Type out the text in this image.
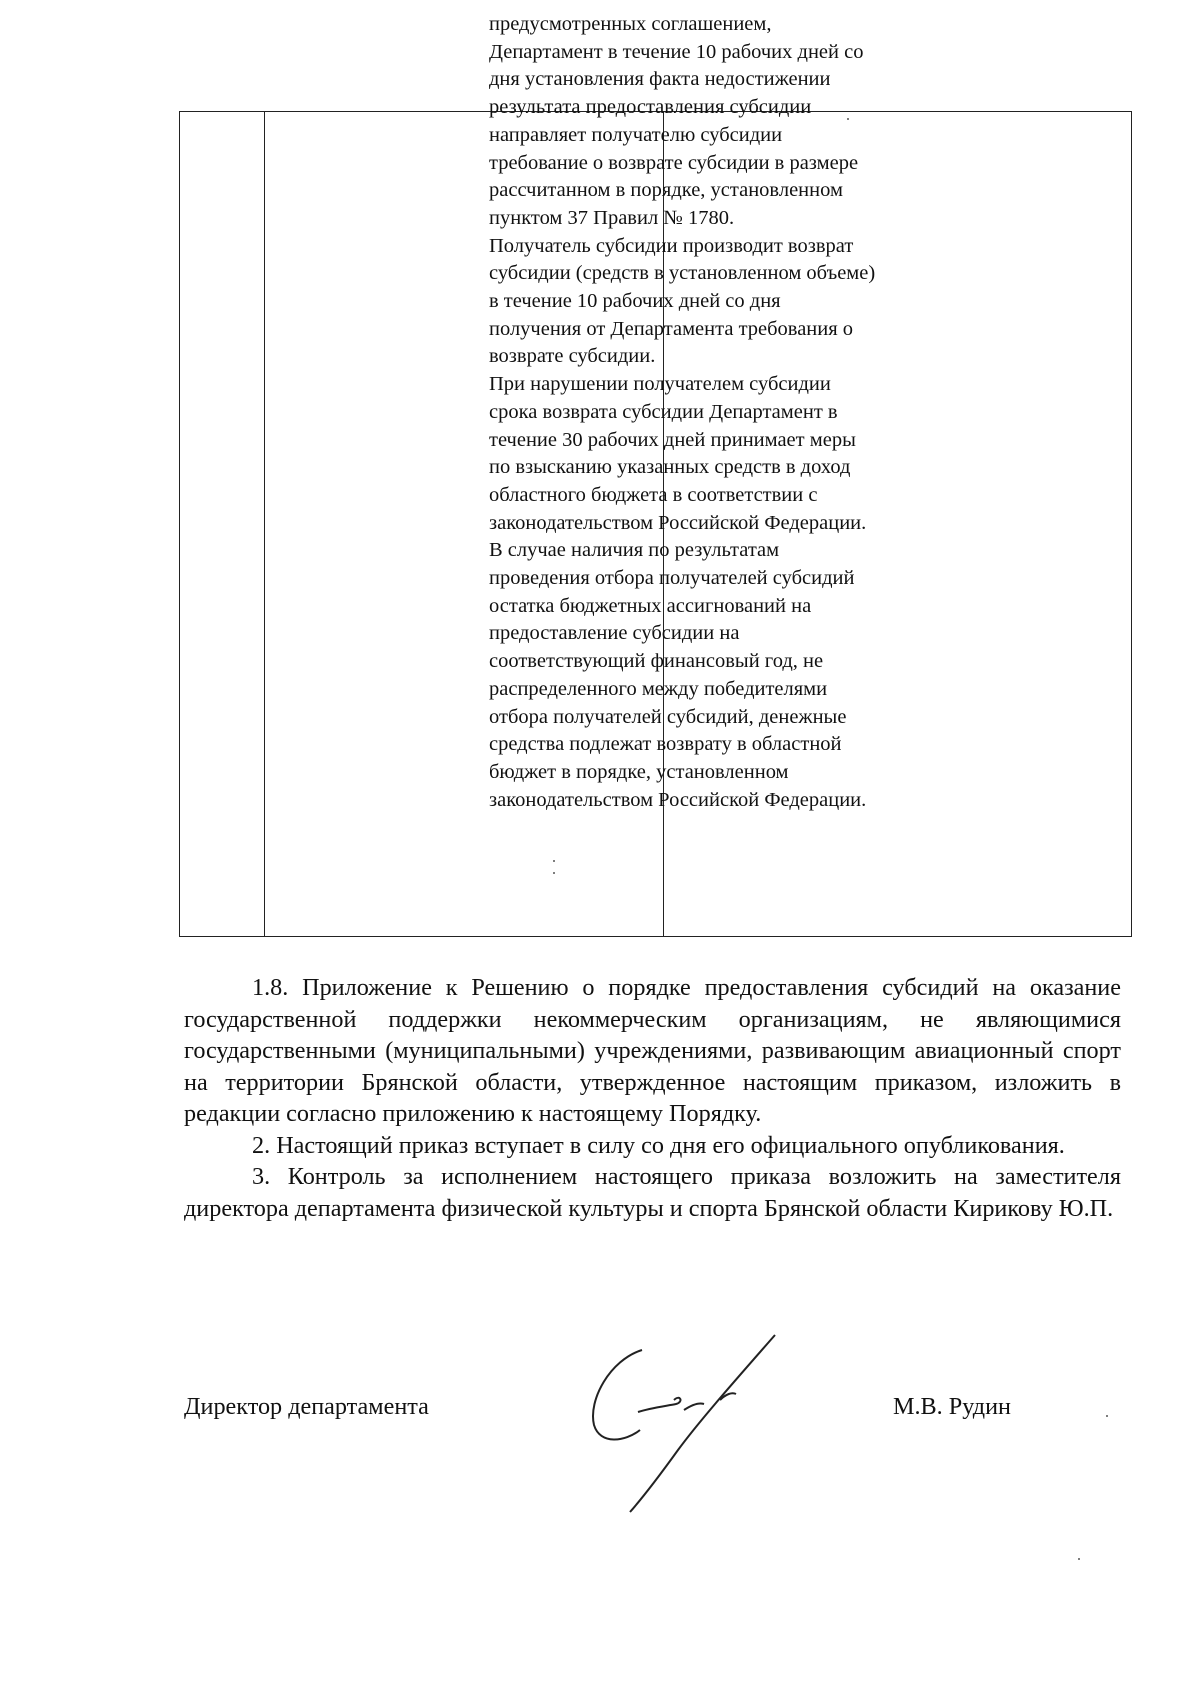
предусмотренных соглашением,
Департамент в течение 10 рабочих дней со
дня установления факта недостижении
результата предоставления субсидии
направляет получателю субсидии
требование о возврате субсидии в размере
рассчитанном в порядке, установленном
пунктом 37 Правил № 1780.
Получатель субсидии производит возврат
субсидии (средств в установленном объеме)
в течение 10 рабочих дней со дня
получения от Департамента требования о
возврате субсидии.
При нарушении получателем субсидии
срока возврата субсидии Департамент в
течение 30 рабочих дней принимает меры
по взысканию указанных средств в доход
областного бюджета в соответствии с
законодательством Российской Федерации.
В случае наличия по результатам
проведения отбора получателей субсидий
остатка бюджетных ассигнований на
предоставление субсидии на
соответствующий финансовый год, не
распределенного между победителями
отбора получателей субсидий, денежные
средства подлежат возврату в областной
бюджет в порядке, установленном
законодательством Российской Федерации.

1.8. Приложение к Решению о порядке предоставления субсидий на оказание государственной поддержки некоммерческим организациям, не являющимися государственными (муниципальными) учреждениями, развивающим авиационный спорт на территории Брянской области, утвержденное настоящим приказом, изложить в редакции согласно приложению к настоящему Порядку.

2. Настоящий приказ вступает в силу со дня его официального опубликования.

3. Контроль за исполнением настоящего приказа возложить на заместителя директора департамента физической культуры и спорта Брянской области Кирикову Ю.П.

Директор департамента	М.В. Рудин
